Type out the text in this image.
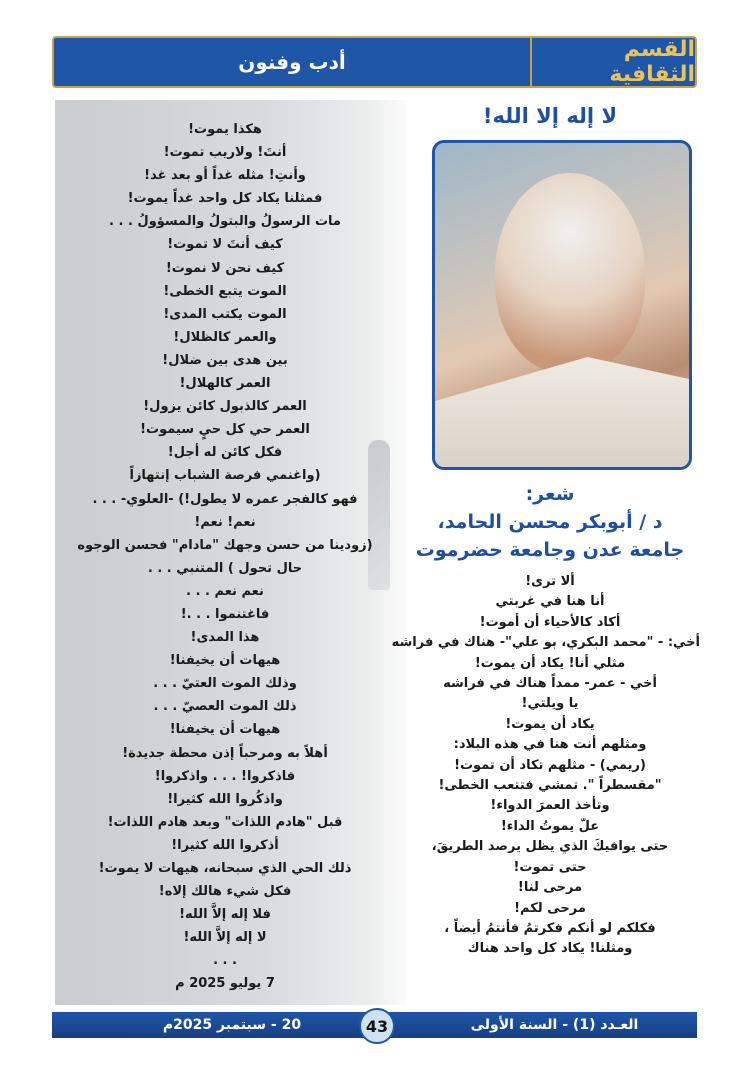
القسم الثقافية
أدب وفنون
هكذا يموت!
أنتَ! ولاريب تموت!
وأنتِ! مثله غداً أو بعد غد!
فمثلنا يكاد كل واحد غداً يموت!
مات الرسولُ والبتولُ والمسؤولُ . . .
كيف أنتَ لا تموت!
كيف نحن لا نموت!
الموت يتبع الخطى!
الموت يكتب المدى!
والعمر كالظلال!
بين هدى بين ضلال!
العمر كالهلال!
العمر كالذبول كائن يزول!
العمر حي كل حيٍ سيموت!
فكل كائن له أجل!
(واغنمي فرصة الشباب إنتهازاً
فهو كالفجر عمره لا يطول!) -العلوي- . . .
نعم! نعم!
(زودينا من حسن وجهك "مادام" فحسن الوجوه
حال تحول ) المتنبي . . .
نعم نعم . . .
فاغتنموا . . .!
هذا المدى!
هيهات أن يخيفنا!
وذلك الموت العتيّ . . .
ذلك الموت العصيّ . . .
هيهات أن يخيفنا!
أهلاً به ومرحباً إذن محطة جديدة!
فاذكروا! . . . واذكروا!
واذكُروا الله كثيرا!
قبل "هادم اللذات" وبعد هادم اللذات!
أذكروا الله كثيرا!
ذلك الحي الذي سبحانه، هيهات لا يموت!
فكل شيء هالك إلاه!
فلا إله إلاَّ الله!
لا إله إلاَّ الله!
. . .
7 يوليو 2025 م
لا إله إلا الله!
شعر:
د / أبوبكر محسن الحامد،
جامعة عدن وجامعة حضرموت
ألا ترى!
أنا هنا في غربتي
أكاد كالأحياء أن أموت!
أخي: - "محمد البكري، بو علي"- هناك في فراشه
مثلي أنا! يكاد أن يموت!
أخي - عمر- ممداً هناك في فراشه
يا ويلتي!
يكاد أن يموت!
ومثلهم أنت هنا في هذه البلاد:
(ريمي) - مثلهم تكاد أن تموت!
"مقسطراً ". تمشي فتتعب الخطى!
وتأخذ العمرَ الدواء!
علّ يموتُ الداء!
حتى يوافيكَ الذي يظل يرصد الطريقَ،
حتى تموت!
مرحى لنا!
مرحى لكم!
فكلكم لو أنكم فكرتمُ فأنتمُ أيضاً ،
ومثلنا! يكاد كل واحد هناك
العـدد (1) - السنة الأولى
20 - سبتمبر 2025م	43
